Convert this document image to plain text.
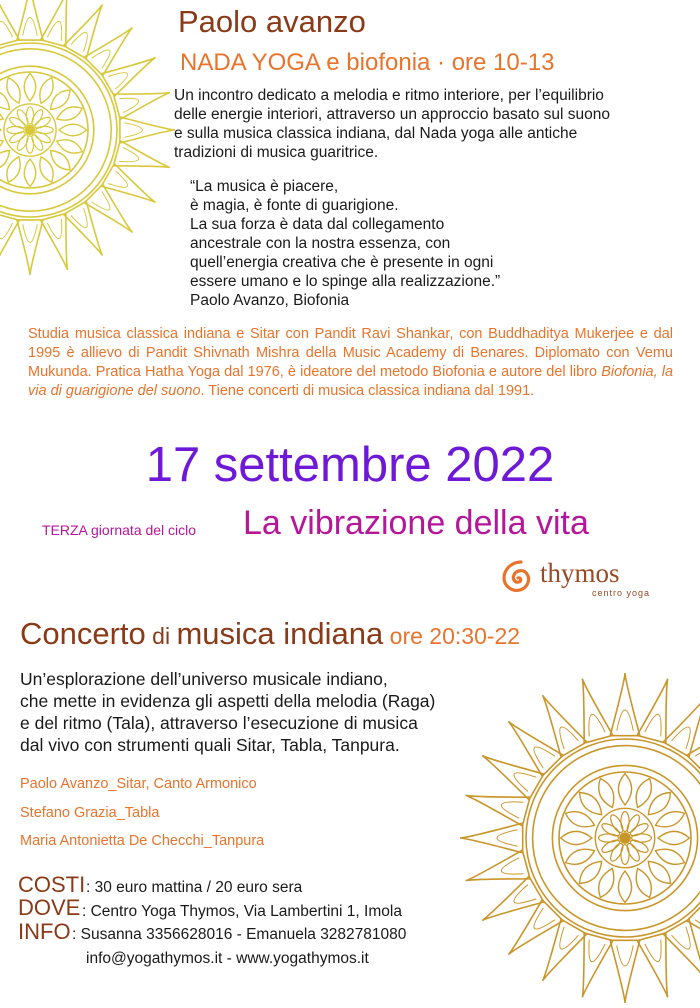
Paolo avanzo
NADA YOGA e biofonia · ore 10-13
Un incontro dedicato a melodia e ritmo interiore, per l’equilibrio
delle energie interiori, attraverso un approccio basato sul suono
e sulla musica classica indiana, dal Nada yoga alle antiche
tradizioni di musica guaritrice.
“La musica è piacere,
è magia, è fonte di guarigione.
La sua forza è data dal collegamento
ancestrale con la nostra essenza, con
quell’energia creativa che è presente in ogni
essere umano e lo spinge alla realizzazione.”
Paolo Avanzo, Biofonia
Studia musica classica indiana e Sitar con Pandit Ravi Shankar, con Buddhaditya Mukerjee e dal 1995 è allievo di Pandit Shivnath Mishra della Music Academy di Benares. Diplomato con Vemu Mukunda. Pratica Hatha Yoga dal 1976, è ideatore del metodo Biofonia e autore del libro Biofonia, la via di guarigione del suono. Tiene concerti di musica classica indiana dal 1991.
17 settembre 2022
TERZA giornata del ciclo La vibrazione della vita
thymos
centro yoga
Concerto di musica indiana ore 20:30-22
Un’esplorazione dell’universo musicale indiano,
che mette in evidenza gli aspetti della melodia (Raga)
e del ritmo (Tala), attraverso l’esecuzione di musica
dal vivo con strumenti quali Sitar, Tabla, Tanpura.
Paolo Avanzo_Sitar, Canto Armonico
Stefano Grazia_Tabla
Maria Antonietta De Checchi_Tanpura
COSTI : 30 euro mattina / 20 euro sera
DOVE : Centro Yoga Thymos, Via Lambertini 1, Imola
INFO : Susanna 3356628016 - Emanuela 3282781080
info@yogathymos.it - www.yogathymos.it
